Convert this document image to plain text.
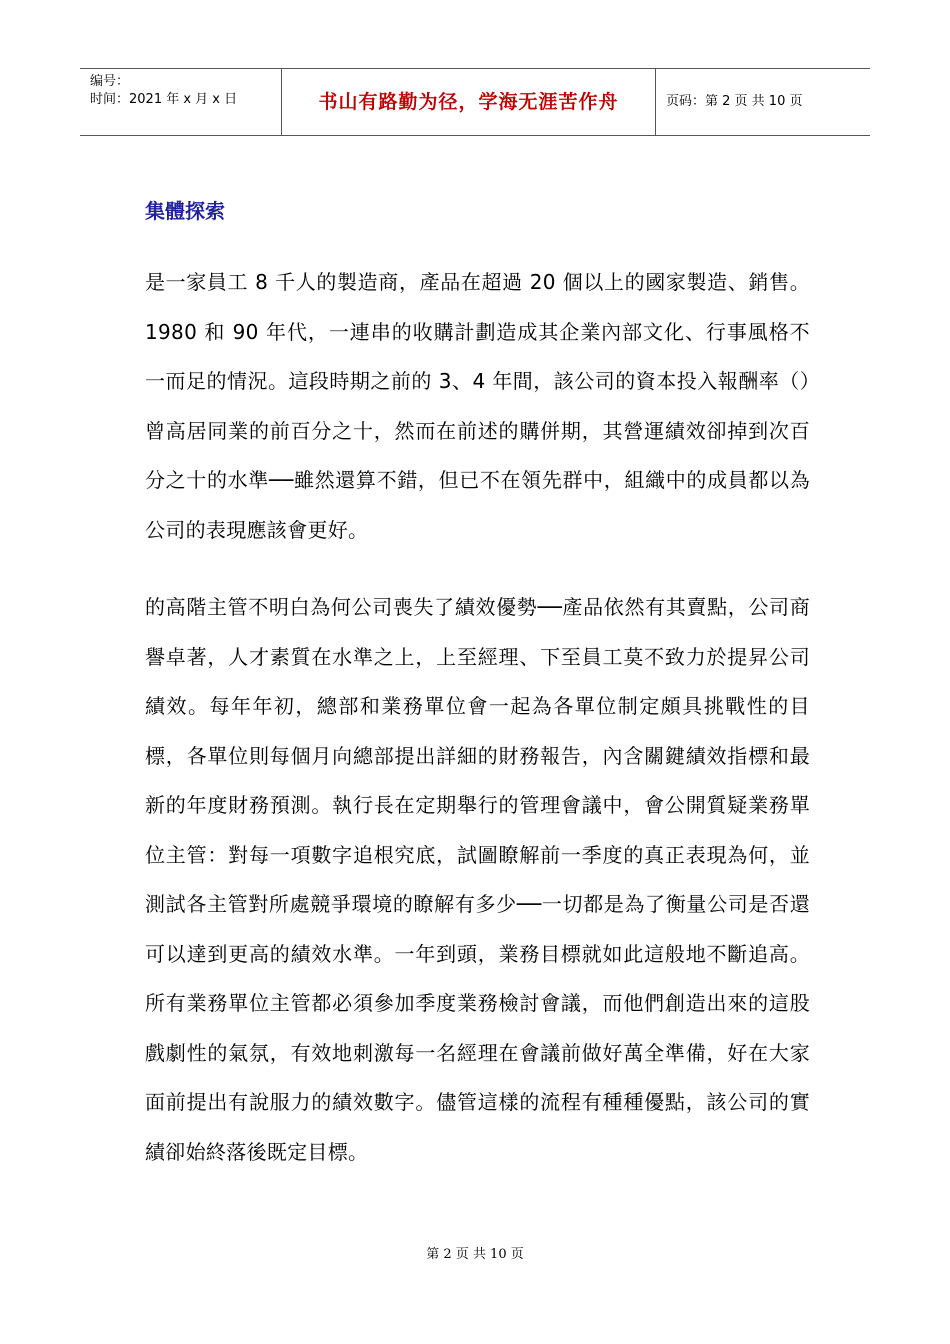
编号：
时间：2021 年 x 月 x 日	书山有路勤为径，学海无涯苦作舟	页码：第 2 页 共 10 页
集體探索

是一家員工 8 千人的製造商，產品在超過 20 個以上的國家製造、銷售。1980 和 90 年代，一連串的收購計劃造成其企業內部文化、行事風格不一而足的情況。這段時期之前的 3、4 年間，該公司的資本投入報酬率（）曾高居同業的前百分之十，然而在前述的購併期，其營運績效卻掉到次百分之十的水準──雖然還算不錯，但已不在領先群中，組織中的成員都以為公司的表現應該會更好。

的高階主管不明白為何公司喪失了績效優勢──產品依然有其賣點，公司商譽卓著，人才素質在水準之上，上至經理、下至員工莫不致力於提昇公司績效。每年年初，總部和業務單位會一起為各單位制定頗具挑戰性的目標，各單位則每個月向總部提出詳細的財務報告，內含關鍵績效指標和最新的年度財務預測。執行長在定期舉行的管理會議中，會公開質疑業務單位主管：對每一項數字追根究底，試圖瞭解前一季度的真正表現為何，並測試各主管對所處競爭環境的瞭解有多少──一切都是為了衡量公司是否還可以達到更高的績效水準。一年到頭，業務目標就如此這般地不斷追高。所有業務單位主管都必須參加季度業務檢討會議，而他們創造出來的這股戲劇性的氣氛，有效地刺激每一名經理在會議前做好萬全準備，好在大家面前提出有說服力的績效數字。儘管這樣的流程有種種優點，該公司的實績卻始終落後既定目標。

第 2 页 共 10 页
